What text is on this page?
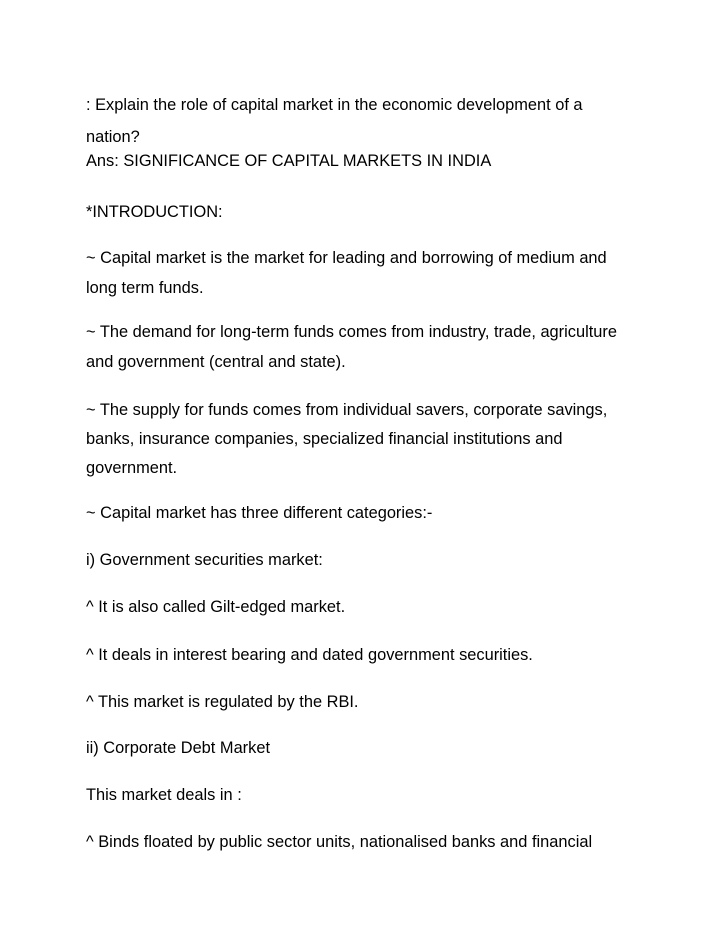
: Explain the role of capital market in the economic development of a

nation?

Ans: SIGNIFICANCE OF CAPITAL MARKETS IN INDIA

*INTRODUCTION:

~ Capital market is the market for leading and borrowing of medium and

long term funds.

~ The demand for long-term funds comes from industry, trade, agriculture

and government (central and state).

~ The supply for funds comes from individual savers, corporate savings,

banks, insurance companies, specialized financial institutions and

government.

~ Capital market has three different categories:-

i) Government securities market:

^ It is also called Gilt-edged market.

^ It deals in interest bearing and dated government securities.

^ This market is regulated by the RBI.

ii) Corporate Debt Market

This market deals in :

^ Binds floated by public sector units, nationalised banks and financial
